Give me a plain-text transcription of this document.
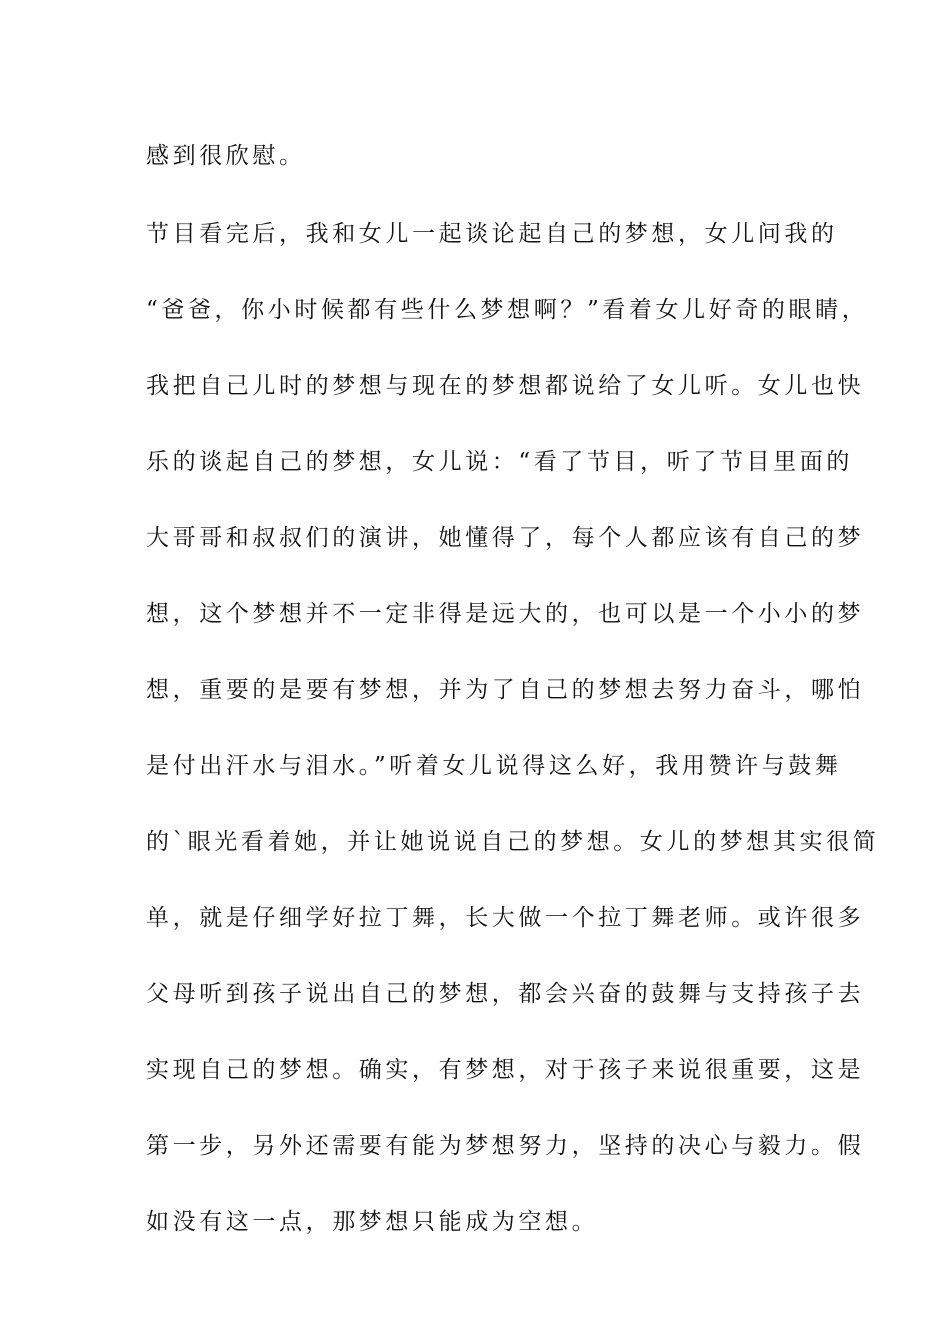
感到很欣慰。
节目看完后，我和女儿一起谈论起自己的梦想，女儿问我的
“爸爸，你小时候都有些什么梦想啊？”看着女儿好奇的眼睛，
我把自己儿时的梦想与现在的梦想都说给了女儿听。女儿也快
乐的谈起自己的梦想，女儿说：“看了节目，听了节目里面的
大哥哥和叔叔们的演讲，她懂得了，每个人都应该有自己的梦
想，这个梦想并不一定非得是远大的，也可以是一个小小的梦
想，重要的是要有梦想，并为了自己的梦想去努力奋斗，哪怕
是付出汗水与泪水。”听着女儿说得这么好，我用赞许与鼓舞
的`眼光看着她，并让她说说自己的梦想。女儿的梦想其实很简
单，就是仔细学好拉丁舞，长大做一个拉丁舞老师。或许很多
父母听到孩子说出自己的梦想，都会兴奋的鼓舞与支持孩子去
实现自己的梦想。确实，有梦想，对于孩子来说很重要，这是
第一步，另外还需要有能为梦想努力，坚持的决心与毅力。假
如没有这一点，那梦想只能成为空想。
